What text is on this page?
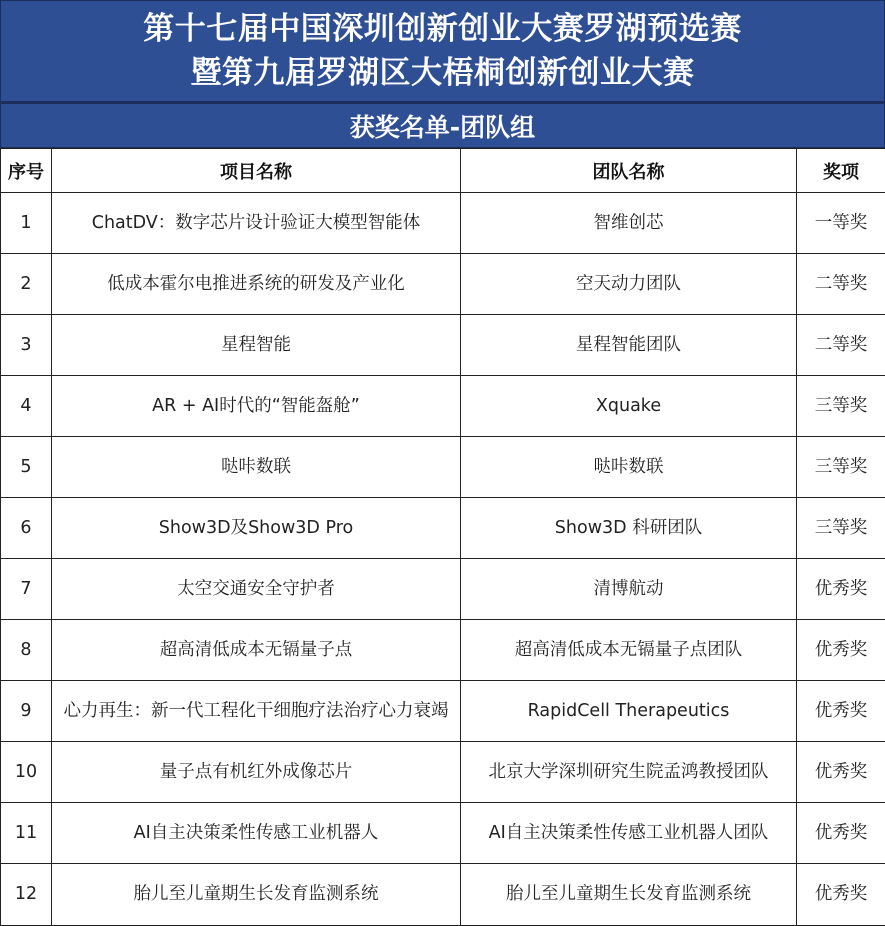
第十七届中国深圳创新创业大赛罗湖预选赛
暨第九届罗湖区大梧桐创新创业大赛
获奖名单-团队组
序号	项目名称	团队名称	奖项
1	ChatDV：数字芯片设计验证大模型智能体	智维创芯	一等奖
2	低成本霍尔电推进系统的研发及产业化	空天动力团队	二等奖
3	星程智能	星程智能团队	二等奖
4	AR + AI时代的“智能盔舱”	Xquake	三等奖
5	哒咔数联	哒咔数联	三等奖
6	Show3D及Show3D Pro	Show3D 科研团队	三等奖
7	太空交通安全守护者	清博航动	优秀奖
8	超高清低成本无镉量子点	超高清低成本无镉量子点团队	优秀奖
9	心力再生：新一代工程化干细胞疗法治疗心力衰竭	RapidCell Therapeutics	优秀奖
10	量子点有机红外成像芯片	北京大学深圳研究生院孟鸿教授团队	优秀奖
11	AI自主决策柔性传感工业机器人	AI自主决策柔性传感工业机器人团队	优秀奖
12	胎儿至儿童期生长发育监测系统	胎儿至儿童期生长发育监测系统	优秀奖
